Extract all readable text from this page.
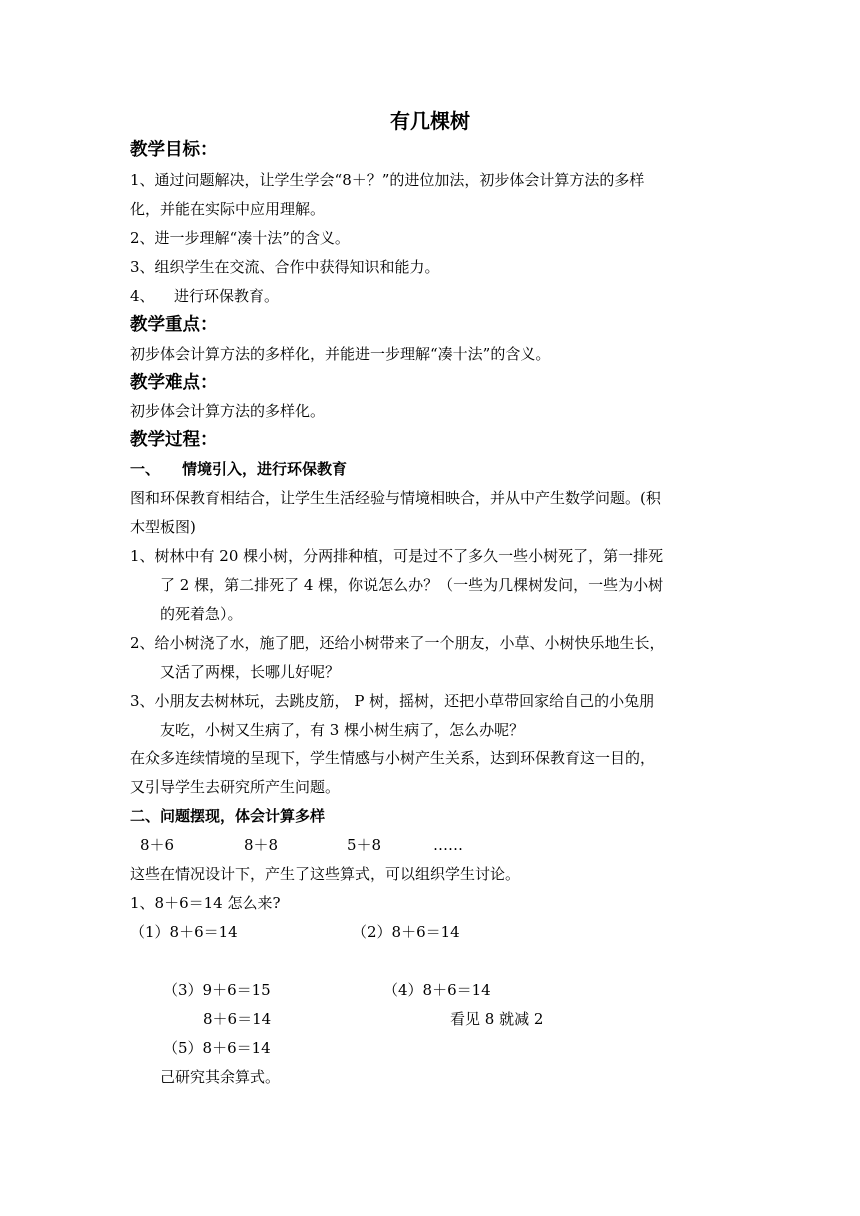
有几棵树
教学目标：
1、通过问题解决，让学生学会“8＋？”的进位加法，初步体会计算方法的多样
化，并能在实际中应用理解。
2、进一步理解“凑十法”的含义。
3、组织学生在交流、合作中获得知识和能力。
4、 进行环保教育。
教学重点：
初步体会计算方法的多样化，并能进一步理解“凑十法”的含义。
教学难点：
初步体会计算方法的多样化。
教学过程：
一、 情境引入，进行环保教育
图和环保教育相结合，让学生生活经验与情境相映合，并从中产生数学问题。(积
木型板图)
1、树林中有 20 棵小树，分两排种植，可是过不了多久一些小树死了，第一排死
了 2 棵，第二排死了 4 棵，你说怎么办？（一些为几棵树发问，一些为小树
的死着急）。
2、给小树浇了水，施了肥，还给小树带来了一个朋友，小草、小树快乐地生长，
又活了两棵，长哪儿好呢？
3、小朋友去树林玩，去跳皮筋， P 树，摇树，还把小草带回家给自己的小兔朋
友吃，小树又生病了，有 3 棵小树生病了，怎么办呢？
在众多连续情境的呈现下，学生情感与小树产生关系，达到环保教育这一目的，
又引导学生去研究所产生问题。
二、问题摆现，体会计算多样
8＋6	8＋8	5＋8	……
这些在情况设计下，产生了这些算式，可以组织学生讨论。
1、8＋6＝14 怎么来?
（1）8＋6＝14	（2）8＋6＝14
（3）9＋6＝15	（4）8＋6＝14
8＋6＝14	看见 8 就减 2
（5）8＋6＝14
己研究其余算式。
